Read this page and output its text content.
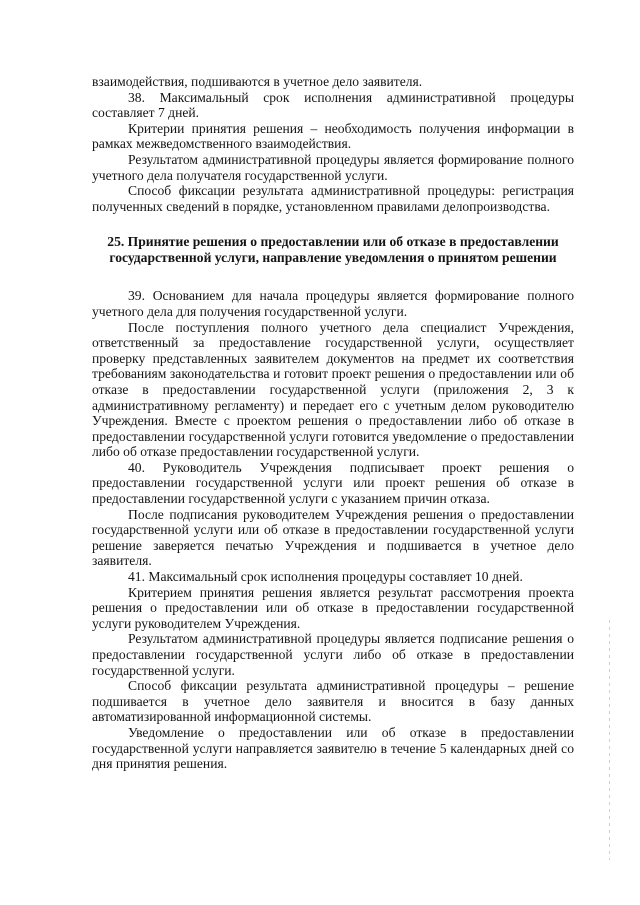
взаимодействия, подшиваются в учетное дело заявителя.

38. Максимальный срок исполнения административной процедуры составляет 7 дней.

Критерии принятия решения – необходимость получения информации в рамках межведомственного взаимодействия.

Результатом административной процедуры является формирование полного учетного дела получателя государственной услуги.

Способ фиксации результата административной процедуры: регистрация полученных сведений в порядке, установленном правилами делопроизводства.

25. Принятие решения о предоставлении или об отказе в предоставлении государственной услуги, направление уведомления о принятом решении

39. Основанием для начала процедуры является формирование полного учетного дела для получения государственной услуги.

После поступления полного учетного дела специалист Учреждения, ответственный за предоставление государственной услуги, осуществляет проверку представленных заявителем документов на предмет их соответствия требованиям законодательства и готовит проект решения о предоставлении или об отказе в предоставлении государственной услуги (приложения 2, 3 к административному регламенту) и передает его с учетным делом руководителю Учреждения. Вместе с проектом решения о предоставлении либо об отказе в предоставлении государственной услуги готовится уведомление о предоставлении либо об отказе предоставлении государственной услуги.

40. Руководитель Учреждения подписывает проект решения о предоставлении государственной услуги или проект решения об отказе в предоставлении государственной услуги с указанием причин отказа.

После подписания руководителем Учреждения решения о предоставлении государственной услуги или об отказе в предоставлении государственной услуги решение заверяется печатью Учреждения и подшивается в учетное дело заявителя.

41. Максимальный срок исполнения процедуры составляет 10 дней.

Критерием принятия решения является результат рассмотрения проекта решения о предоставлении или об отказе в предоставлении государственной услуги руководителем Учреждения.

Результатом административной процедуры является подписание решения о предоставлении государственной услуги либо об отказе в предоставлении государственной услуги.

Способ фиксации результата административной процедуры – решение подшивается в учетное дело заявителя и вносится в базу данных автоматизированной информационной системы.

Уведомление о предоставлении или об отказе в предоставлении государственной услуги направляется заявителю в течение 5 календарных дней со дня принятия решения.
